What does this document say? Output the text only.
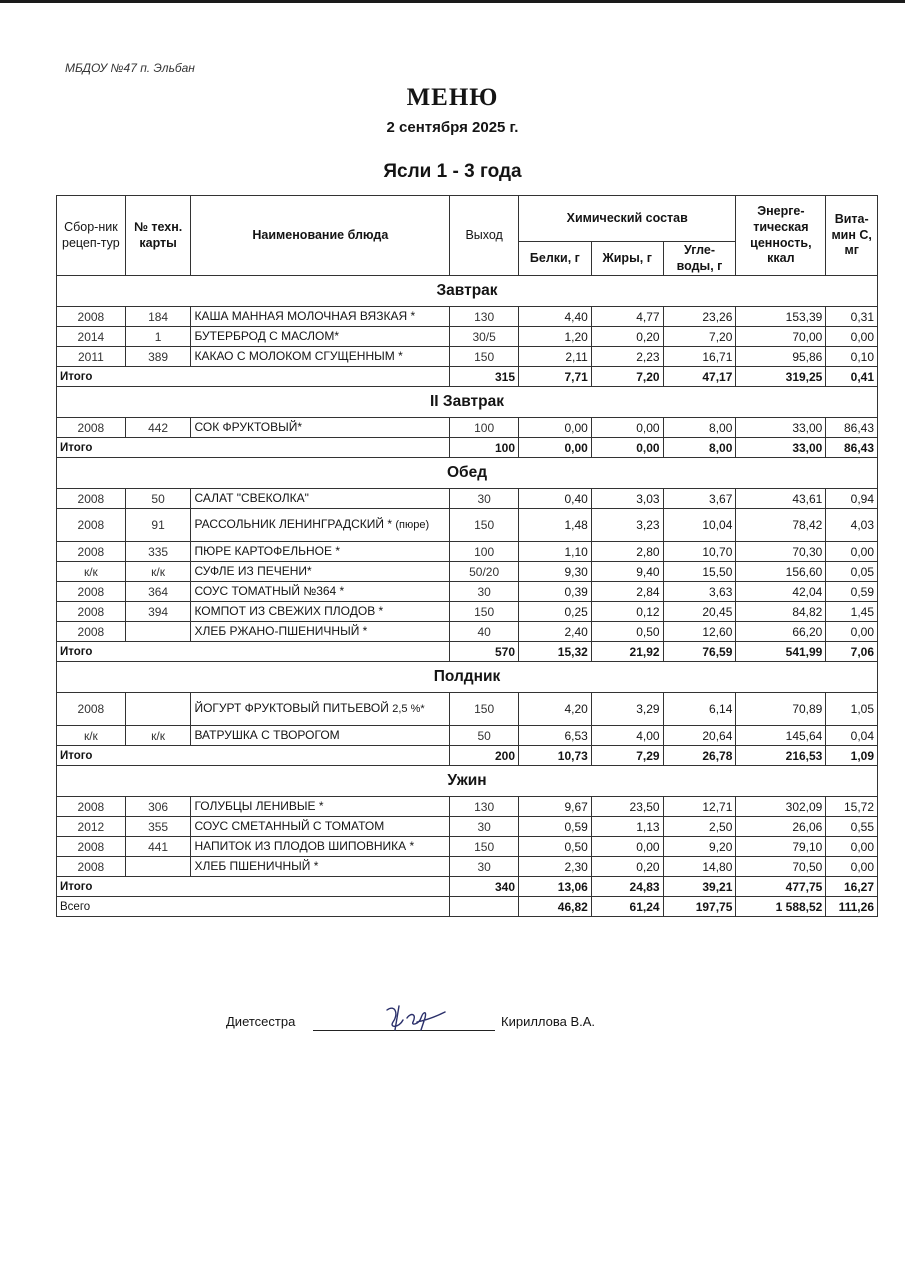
МБДОУ №47 п. Эльбан
МЕНЮ
2 сентября 2025 г.
Ясли 1 - 3 года
Сбор-ник рецеп-тур	№ техн. карты	Наименование блюда	Выход	Химический состав			Энерге-тическая ценность, ккал	Вита-мин С, мг
				Белки, г	Жиры, г	Угле-воды, г		
Завтрак								
2008	184	КАША МАННАЯ МОЛОЧНАЯ ВЯЗКАЯ *	130	4,40	4,77	23,26	153,39	0,31
2014	1	БУТЕРБРОД С МАСЛОМ*	30/5	1,20	0,20	7,20	70,00	0,00
2011	389	КАКАО С МОЛОКОМ СГУЩЕННЫМ *	150	2,11	2,23	16,71	95,86	0,10
Итого			315	7,71	7,20	47,17	319,25	0,41
II Завтрак								
2008	442	СОК ФРУКТОВЫЙ*	100	0,00	0,00	8,00	33,00	86,43
Итого			100	0,00	0,00	8,00	33,00	86,43
Обед								
2008	50	САЛАТ "СВЕКОЛКА"	30	0,40	3,03	3,67	43,61	0,94
2008	91	РАССОЛЬНИК ЛЕНИНГРАДСКИЙ * (пюре)	150	1,48	3,23	10,04	78,42	4,03
2008	335	ПЮРЕ КАРТОФЕЛЬНОЕ *	100	1,10	2,80	10,70	70,30	0,00
к/к	к/к	СУФЛЕ ИЗ ПЕЧЕНИ*	50/20	9,30	9,40	15,50	156,60	0,05
2008	364	СОУС ТОМАТНЫЙ №364 *	30	0,39	2,84	3,63	42,04	0,59
2008	394	КОМПОТ ИЗ СВЕЖИХ ПЛОДОВ *	150	0,25	0,12	20,45	84,82	1,45
2008		ХЛЕБ РЖАНО-ПШЕНИЧНЫЙ *	40	2,40	0,50	12,60	66,20	0,00
Итого			570	15,32	21,92	76,59	541,99	7,06
Полдник								
2008		ЙОГУРТ ФРУКТОВЫЙ ПИТЬЕВОЙ 2,5 %*	150	4,20	3,29	6,14	70,89	1,05
к/к	к/к	ВАТРУШКА С ТВОРОГОМ	50	6,53	4,00	20,64	145,64	0,04
Итого			200	10,73	7,29	26,78	216,53	1,09
Ужин								
2008	306	ГОЛУБЦЫ ЛЕНИВЫЕ *	130	9,67	23,50	12,71	302,09	15,72
2012	355	СОУС СМЕТАННЫЙ С ТОМАТОМ	30	0,59	1,13	2,50	26,06	0,55
2008	441	НАПИТОК ИЗ ПЛОДОВ ШИПОВНИКА *	150	0,50	0,00	9,20	79,10	0,00
2008		ХЛЕБ ПШЕНИЧНЫЙ *	30	2,30	0,20	14,80	70,50	0,00
Итого			340	13,06	24,83	39,21	477,75	16,27
Всего				46,82	61,24	197,75	1 588,52	111,26
Диетсестра	Кириллова В.А.
